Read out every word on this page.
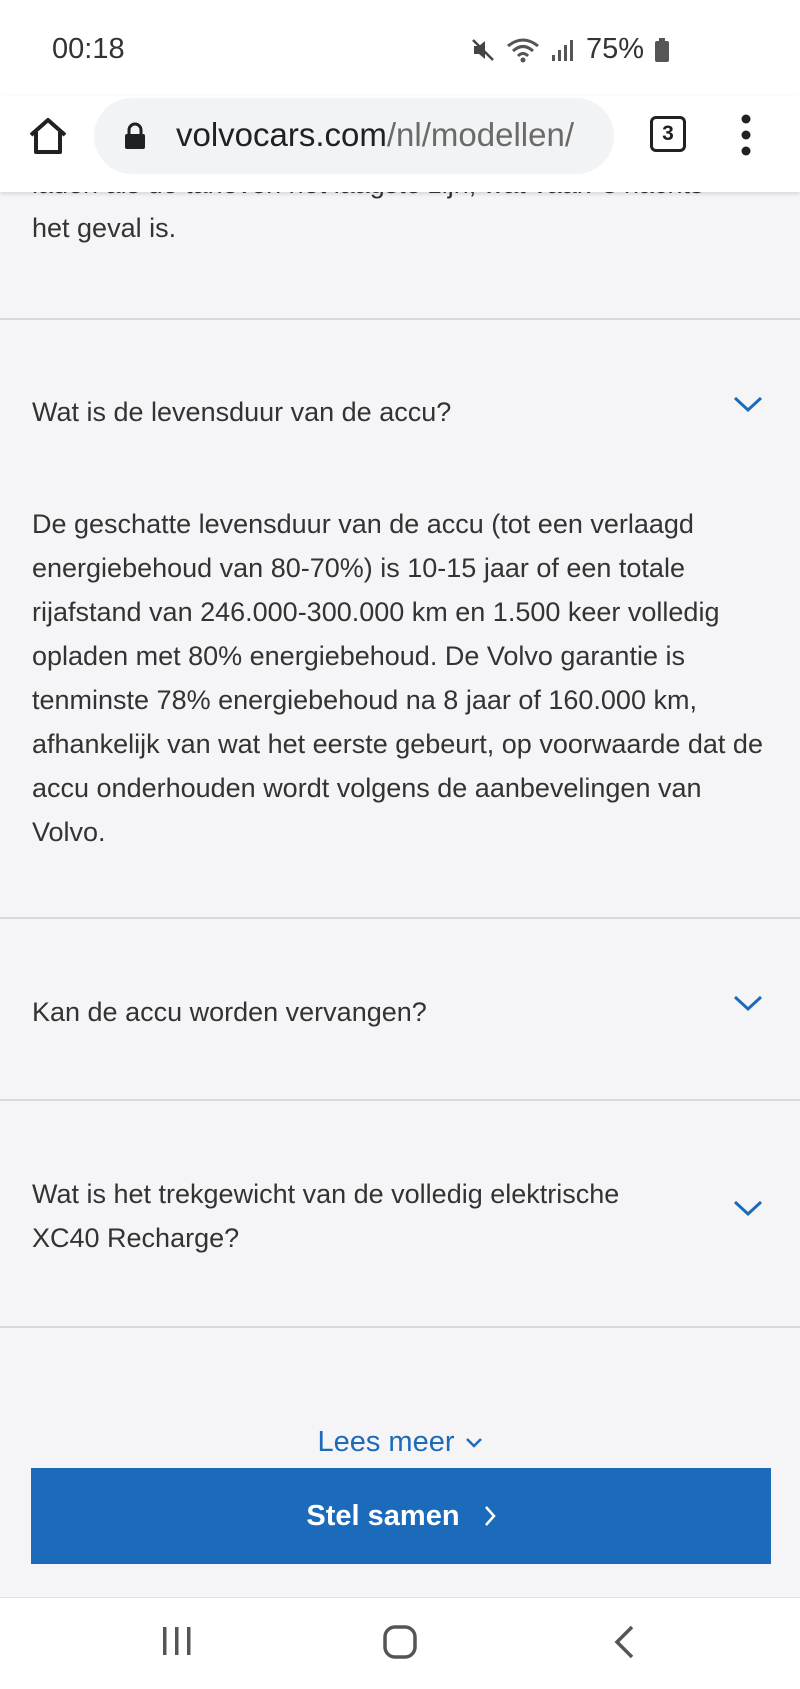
00:18	75%
volvocars.com/nl/modellen/	3
het geval is.
Wat is de levensduur van de accu?
De geschatte levensduur van de accu (tot een verlaagd energiebehoud van 80-70%) is 10-15 jaar of een totale rijafstand van 246.000-300.000 km en 1.500 keer volledig opladen met 80% energiebehoud. De Volvo garantie is tenminste 78% energiebehoud na 8 jaar of 160.000 km, afhankelijk van wat het eerste gebeurt, op voorwaarde dat de accu onderhouden wordt volgens de aanbevelingen van Volvo.
Kan de accu worden vervangen?
Wat is het trekgewicht van de volledig elektrische XC40 Recharge?
Lees meer
Stel samen
